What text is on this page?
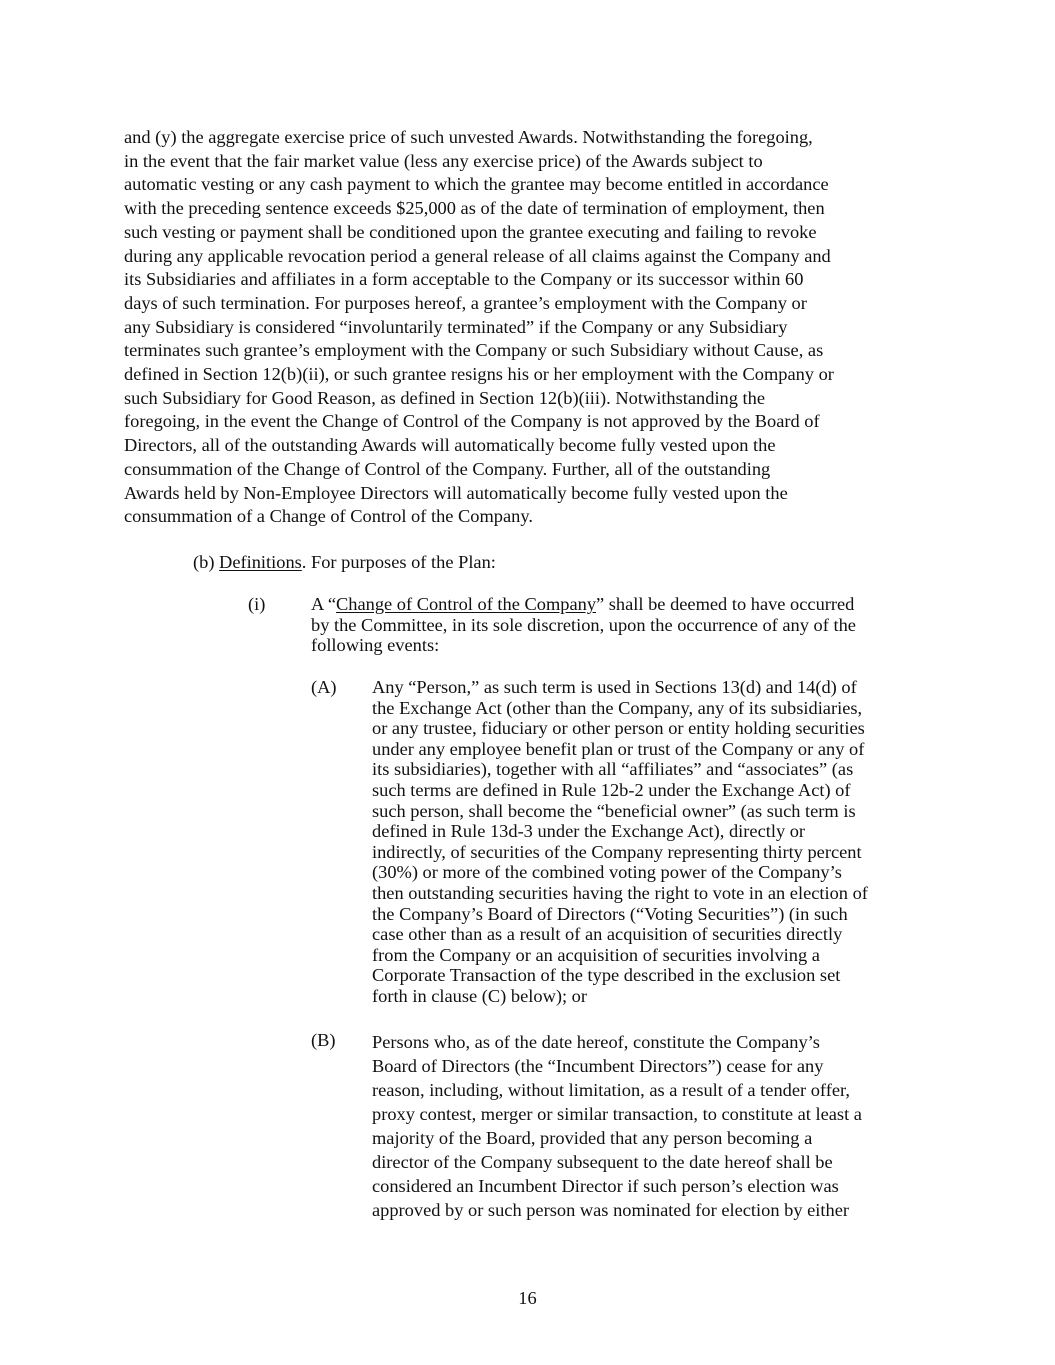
and (y) the aggregate exercise price of such unvested Awards. Notwithstanding the foregoing,
in the event that the fair market value (less any exercise price) of the Awards subject to
automatic vesting or any cash payment to which the grantee may become entitled in accordance
with the preceding sentence exceeds $25,000 as of the date of termination of employment, then
such vesting or payment shall be conditioned upon the grantee executing and failing to revoke
during any applicable revocation period a general release of all claims against the Company and
its Subsidiaries and affiliates in a form acceptable to the Company or its successor within 60
days of such termination. For purposes hereof, a grantee’s employment with the Company or
any Subsidiary is considered “involuntarily terminated” if the Company or any Subsidiary
terminates such grantee’s employment with the Company or such Subsidiary without Cause, as
defined in Section 12(b)(ii), or such grantee resigns his or her employment with the Company or
such Subsidiary for Good Reason, as defined in Section 12(b)(iii). Notwithstanding the
foregoing, in the event the Change of Control of the Company is not approved by the Board of
Directors, all of the outstanding Awards will automatically become fully vested upon the
consummation of the Change of Control of the Company. Further, all of the outstanding
Awards held by Non-Employee Directors will automatically become fully vested upon the
consummation of a Change of Control of the Company.
(b) Definitions. For purposes of the Plan:
(i) A “Change of Control of the Company” shall be deemed to have occurred
by the Committee, in its sole discretion, upon the occurrence of any of the
following events:
(A) Any “Person,” as such term is used in Sections 13(d) and 14(d) of
the Exchange Act (other than the Company, any of its subsidiaries,
or any trustee, fiduciary or other person or entity holding securities
under any employee benefit plan or trust of the Company or any of
its subsidiaries), together with all “affiliates” and “associates” (as
such terms are defined in Rule 12b-2 under the Exchange Act) of
such person, shall become the “beneficial owner” (as such term is
defined in Rule 13d-3 under the Exchange Act), directly or
indirectly, of securities of the Company representing thirty percent
(30%) or more of the combined voting power of the Company’s
then outstanding securities having the right to vote in an election of
the Company’s Board of Directors (“Voting Securities”) (in such
case other than as a result of an acquisition of securities directly
from the Company or an acquisition of securities involving a
Corporate Transaction of the type described in the exclusion set
forth in clause (C) below); or
(B) Persons who, as of the date hereof, constitute the Company’s
Board of Directors (the “Incumbent Directors”) cease for any
reason, including, without limitation, as a result of a tender offer,
proxy contest, merger or similar transaction, to constitute at least a
majority of the Board, provided that any person becoming a
director of the Company subsequent to the date hereof shall be
considered an Incumbent Director if such person’s election was
approved by or such person was nominated for election by either
16
